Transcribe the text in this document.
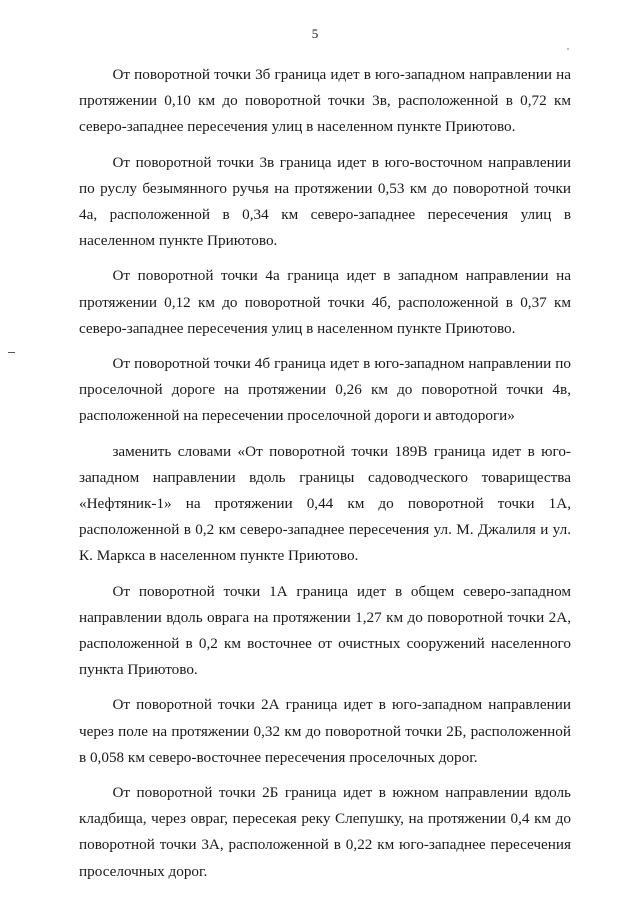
5

От поворотной точки 3б граница идет в юго-западном направлении на протяжении 0,10 км до поворотной точки 3в, расположенной в 0,72 км северо-западнее пересечения улиц в населенном пункте Приютово.

От поворотной точки 3в граница идет в юго-восточном направлении по руслу безымянного ручья на протяжении 0,53 км до поворотной точки 4а, расположенной в 0,34 км северо-западнее пересечения улиц в населенном пункте Приютово.

От поворотной точки 4а граница идет в западном направлении на протяжении 0,12 км до поворотной точки 4б, расположенной в 0,37 км северо-западнее пересечения улиц в населенном пункте Приютово.

От поворотной точки 4б граница идет в юго-западном направлении по проселочной дороге на протяжении 0,26 км до поворотной точки 4в, расположенной на пересечении проселочной дороги и автодороги»

заменить словами «От поворотной точки 189В граница идет в юго-западном направлении вдоль границы садоводческого товарищества «Нефтяник-1» на протяжении 0,44 км до поворотной точки 1А, расположенной в 0,2 км северо-западнее пересечения ул. М. Джалиля и ул. К. Маркса в населенном пункте Приютово.

От поворотной точки 1А граница идет в общем северо-западном направлении вдоль оврага на протяжении 1,27 км до поворотной точки 2А, расположенной в 0,2 км восточнее от очистных сооружений населенного пункта Приютово.

От поворотной точки 2А граница идет в юго-западном направлении через поле на протяжении 0,32 км до поворотной точки 2Б, расположенной в 0,058 км северо-восточнее пересечения проселочных дорог.

От поворотной точки 2Б граница идет в южном направлении вдоль кладбища, через овраг, пересекая реку Слепушку, на протяжении 0,4 км до поворотной точки 3А, расположенной в 0,22 км юго-западнее пересечения проселочных дорог.
